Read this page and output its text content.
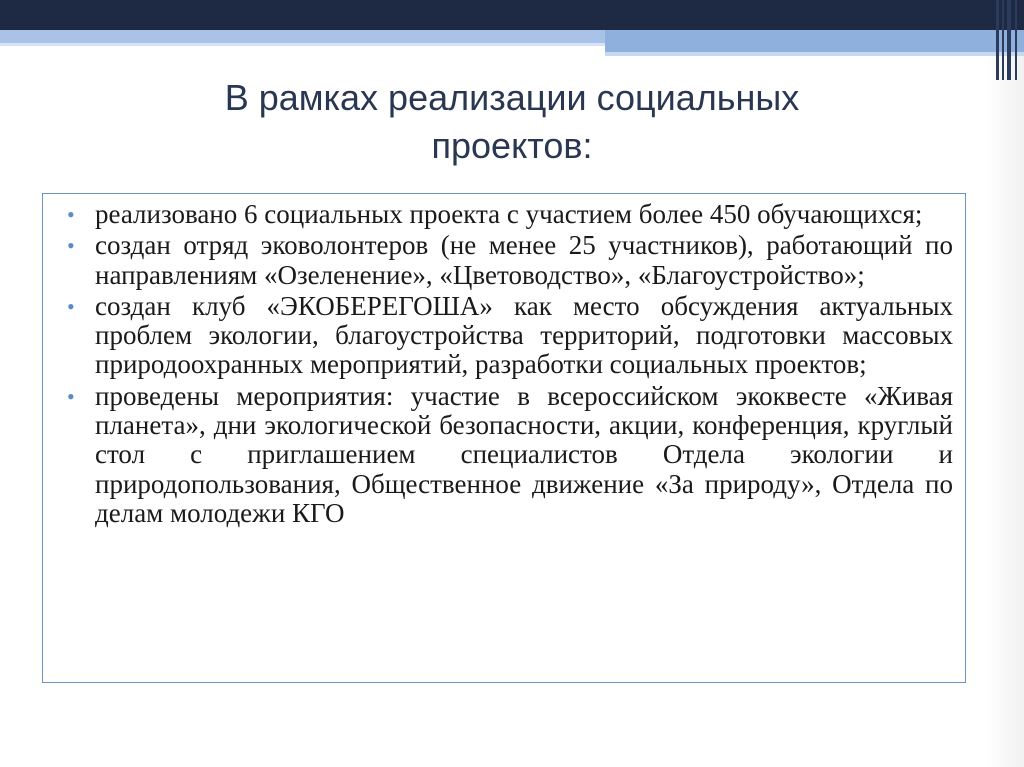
В рамках реализации социальных
проектов:
• реализовано 6 социальных проекта с участием более 450 обучающихся;
• создан отряд эковолонтеров (не менее 25 участников), работающий по направлениям «Озеленение», «Цветоводство», «Благоустройство»;
• создан клуб «ЭКОБЕРЕГОША» как место обсуждения актуальных проблем экологии, благоустройства территорий, подготовки массовых природоохранных мероприятий, разработки социальных проектов;
• проведены мероприятия: участие в всероссийском экоквесте «Живая планета», дни экологической безопасности, акции, конференция, круглый стол с приглашением специалистов Отдела экологии и природопользования, Общественное движение «За природу», Отдела по делам молодежи КГО
